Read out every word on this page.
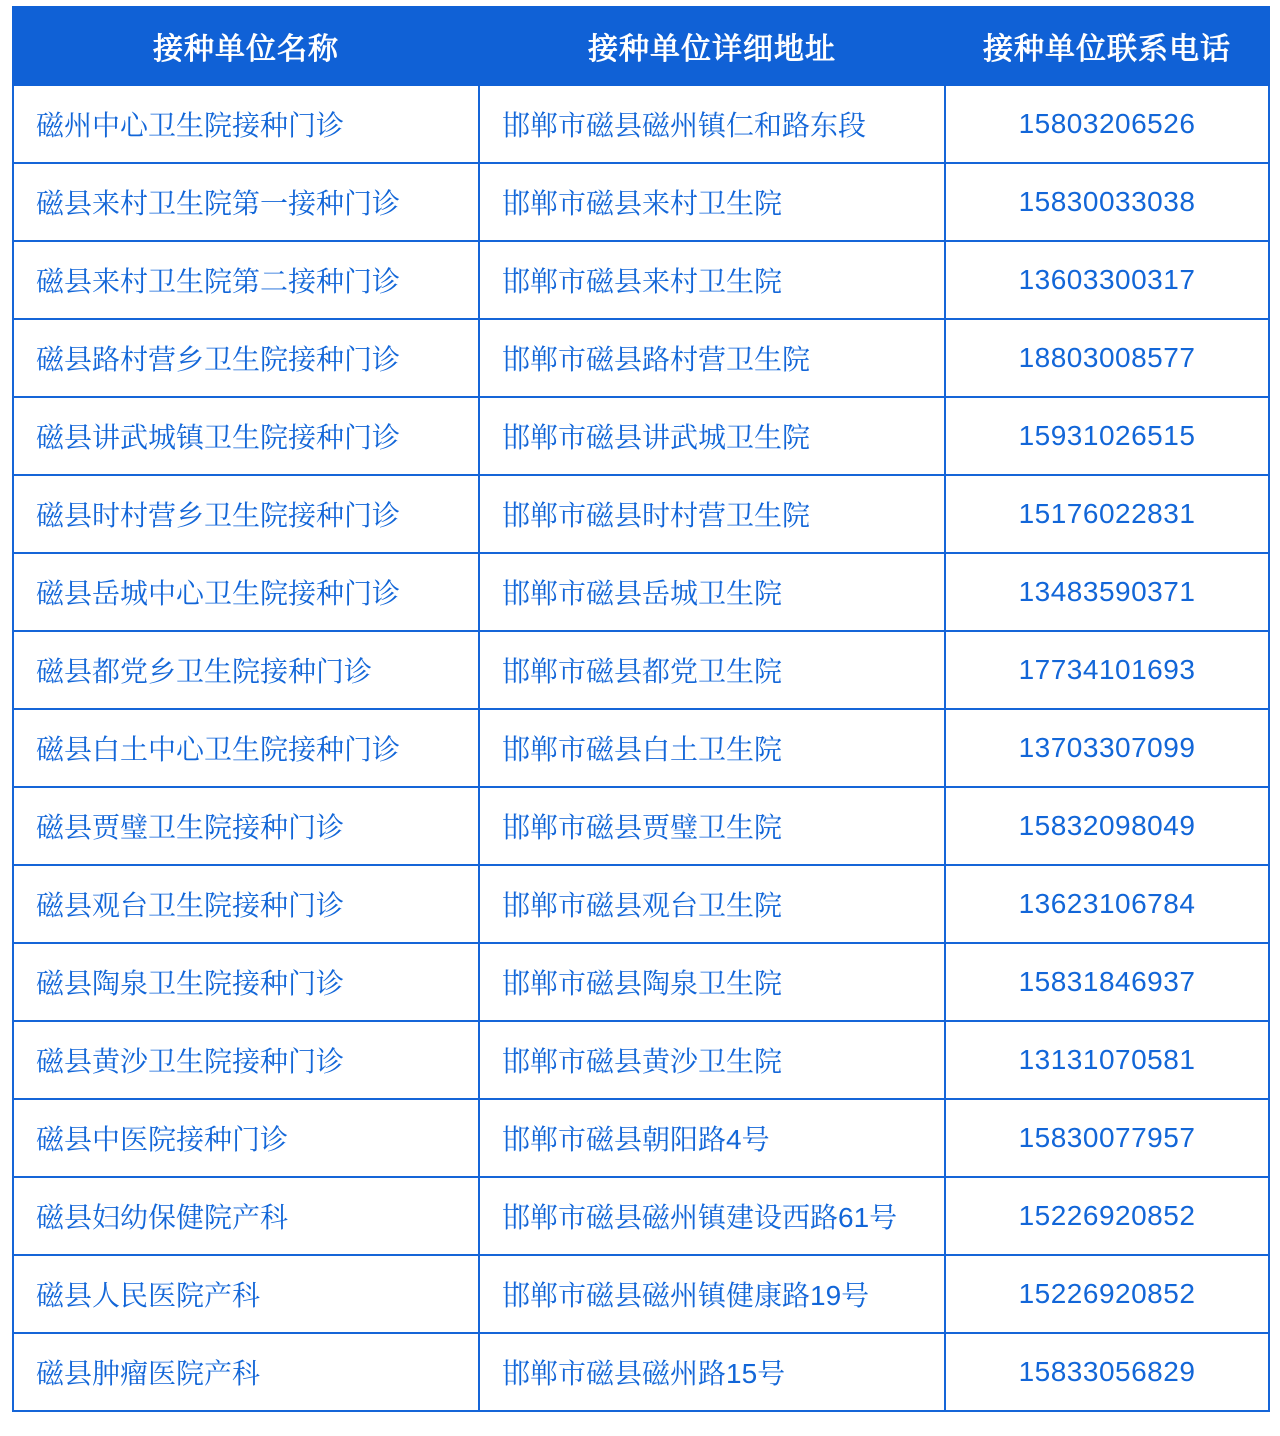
接种单位名称	接种单位详细地址	接种单位联系电话
磁州中心卫生院接种门诊	邯郸市磁县磁州镇仁和路东段	15803206526
磁县来村卫生院第一接种门诊	邯郸市磁县来村卫生院	15830033038
磁县来村卫生院第二接种门诊	邯郸市磁县来村卫生院	13603300317
磁县路村营乡卫生院接种门诊	邯郸市磁县路村营卫生院	18803008577
磁县讲武城镇卫生院接种门诊	邯郸市磁县讲武城卫生院	15931026515
磁县时村营乡卫生院接种门诊	邯郸市磁县时村营卫生院	15176022831
磁县岳城中心卫生院接种门诊	邯郸市磁县岳城卫生院	13483590371
磁县都党乡卫生院接种门诊	邯郸市磁县都党卫生院	17734101693
磁县白土中心卫生院接种门诊	邯郸市磁县白土卫生院	13703307099
磁县贾璧卫生院接种门诊	邯郸市磁县贾璧卫生院	15832098049
磁县观台卫生院接种门诊	邯郸市磁县观台卫生院	13623106784
磁县陶泉卫生院接种门诊	邯郸市磁县陶泉卫生院	15831846937
磁县黄沙卫生院接种门诊	邯郸市磁县黄沙卫生院	13131070581
磁县中医院接种门诊	邯郸市磁县朝阳路4号	15830077957
磁县妇幼保健院产科	邯郸市磁县磁州镇建设西路61号	15226920852
磁县人民医院产科	邯郸市磁县磁州镇健康路19号	15226920852
磁县肿瘤医院产科	邯郸市磁县磁州路15号	15833056829
